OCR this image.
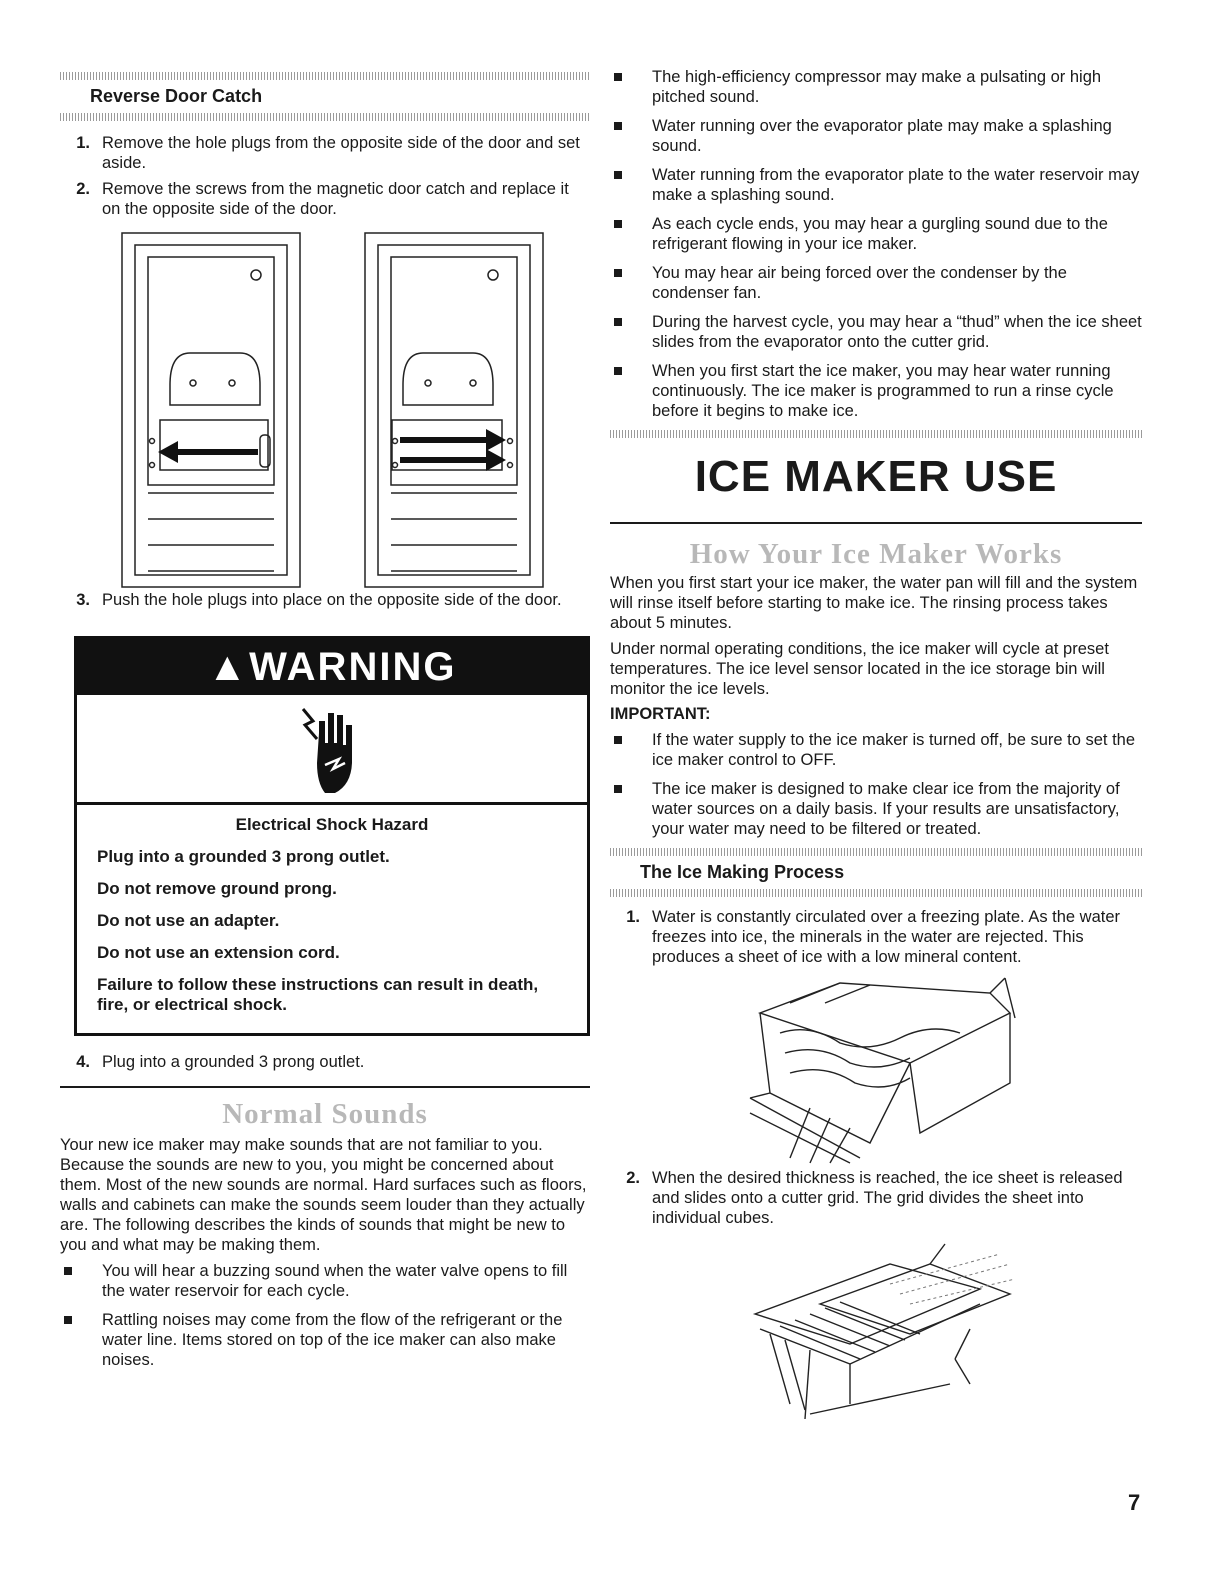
Reverse Door Catch
1 . Remove the hole plugs from the opposite side of the door and set aside.
2 . Remove the screws from the magnetic door catch and replace it on the opposite side of the door.
3 . Push the hole plugs into place on the opposite side of the door.
▲WARNING

Electrical Shock Hazard

Plug into a grounded 3 prong outlet.

Do not remove ground prong.

Do not use an adapter.

Do not use an extension cord.

Failure to follow these instructions can result in death, fire, or electrical shock.

4 . Plug into a grounded 3 prong outlet.
Normal Sounds

Your new ice maker may make sounds that are not familiar to you. Because the sounds are new to you, you might be concerned about them. Most of the new sounds are normal. Hard surfaces such as floors, walls and cabinets can make the sounds seem louder than they actually are. The following describes the kinds of sounds that might be new to you and what may be making them.

You will hear a buzzing sound when the water valve opens to fill the water reservoir for each cycle.
Rattling noises may come from the flow of the refrigerant or the water line. Items stored on top of the ice maker can also make noises.
The high-efficiency compressor may make a pulsating or high pitched sound.
Water running over the evaporator plate may make a splashing sound.
Water running from the evaporator plate to the water reservoir may make a splashing sound.
As each cycle ends, you may hear a gurgling sound due to the refrigerant flowing in your ice maker.
You may hear air being forced over the condenser by the condenser fan.
During the harvest cycle, you may hear a “thud” when the ice sheet slides from the evaporator onto the cutter grid.
When you first start the ice maker, you may hear water running continuously. The ice maker is programmed to run a rinse cycle before it begins to make ice.
ICE MAKER USE
How Your Ice Maker Works

When you first start your ice maker, the water pan will fill and the system will rinse itself before starting to make ice. The rinsing process takes about 5 minutes.

Under normal operating conditions, the ice maker will cycle at preset temperatures. The ice level sensor located in the ice storage bin will monitor the ice levels.

IMPORTANT:

If the water supply to the ice maker is turned off, be sure to set the ice maker control to OFF.
The ice maker is designed to make clear ice from the majority of water sources on a daily basis. If your results are unsatisfactory, your water may need to be filtered or treated.
The Ice Making Process
1 . Water is constantly circulated over a freezing plate. As the water freezes into ice, the minerals in the water are rejected. This produces a sheet of ice with a low mineral content.
2 . When the desired thickness is reached, the ice sheet is released and slides onto a cutter grid. The grid divides the sheet into individual cubes.
7
